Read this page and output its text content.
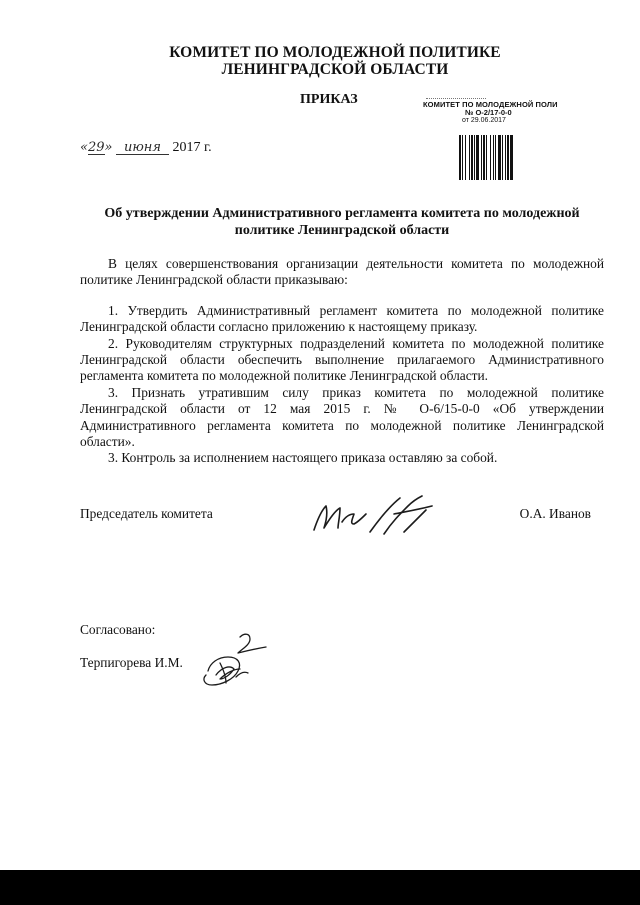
КОМИТЕТ ПО МОЛОДЕЖНОЙ ПОЛИТИКЕ
ЛЕНИНГРАДСКОЙ ОБЛАСТИ
ПРИКАЗ	КОМИТЕТ ПО МОЛОДЕЖНОЙ ПОЛИ
№ О-2/17-0-0
от 29.06.2017
«29» июня 2017 г.
Об утверждении Административного регламента комитета по молодежной политике Ленинградской области

В целях совершенствования организации деятельности комитета по молодежной политике Ленинградской области приказываю:

1. Утвердить Административный регламент комитета по молодежной политике Ленинградской области согласно приложению к настоящему приказу.

2. Руководителям структурных подразделений комитета по молодежной политике Ленинградской области обеспечить выполнение прилагаемого Административного регламента комитета по молодежной политике Ленинградской области.

3. Признать утратившим силу приказ комитета по молодежной политике Ленинградской области от 12 мая 2015 г. № О-6/15-0-0 «Об утверждении Административного регламента комитета по молодежной политике Ленинградской области».

3. Контроль за исполнением настоящего приказа оставляю за собой.

Председатель комитета	О.А. Иванов
Согласовано:
Терпигорева И.М.
